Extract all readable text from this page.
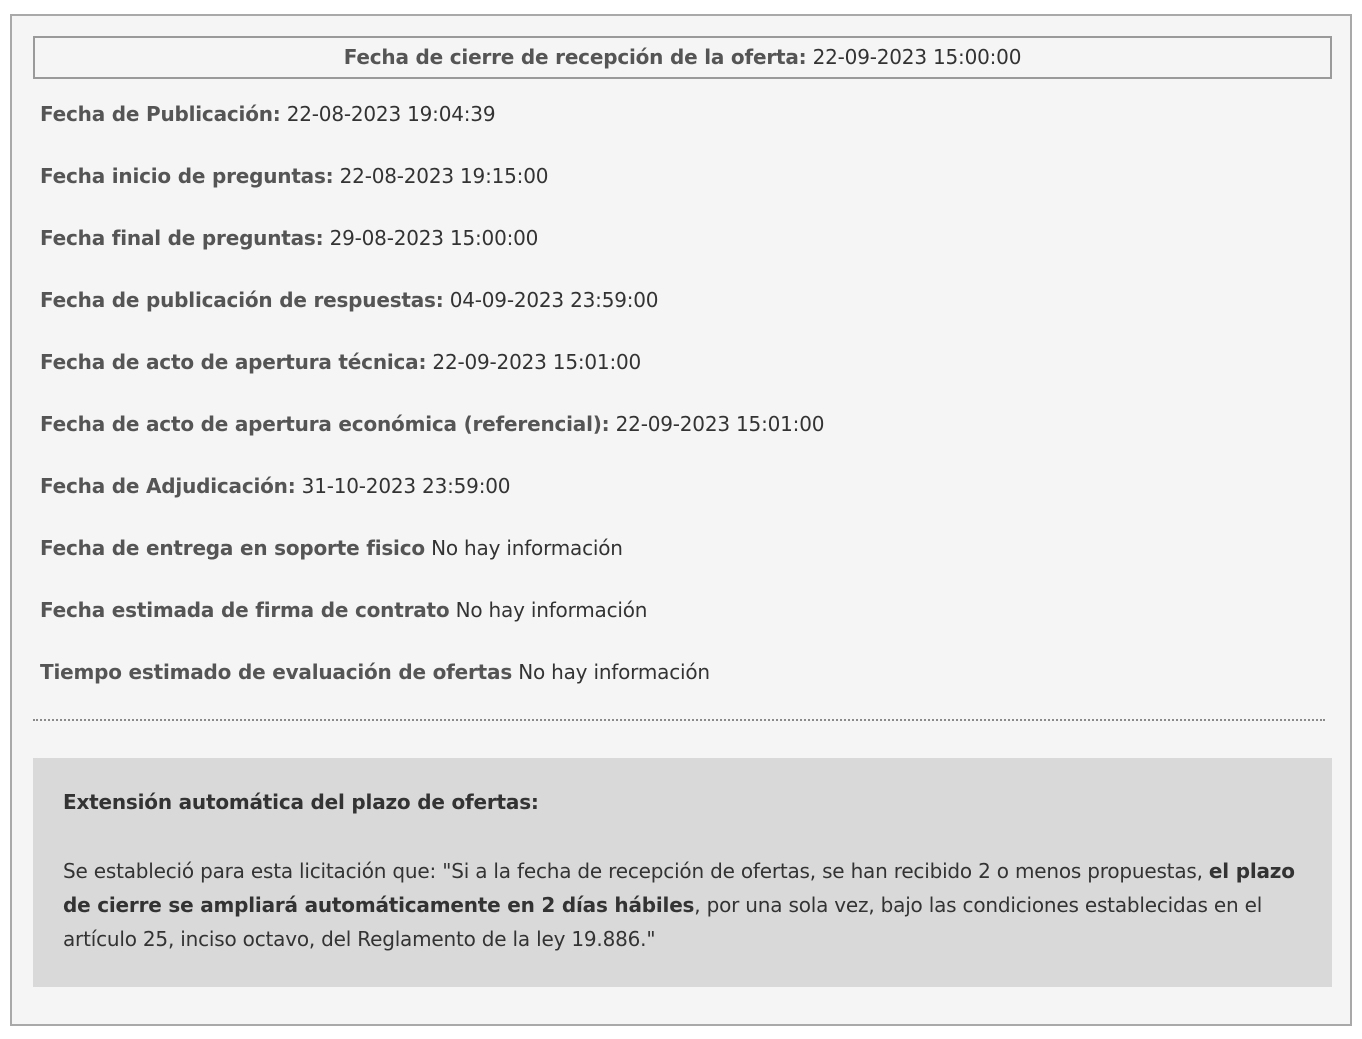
Fecha de cierre de recepción de la oferta: 22-09-2023 15:00:00
Fecha de Publicación: 22-08-2023 19:04:39
Fecha inicio de preguntas: 22-08-2023 19:15:00
Fecha final de preguntas: 29-08-2023 15:00:00
Fecha de publicación de respuestas: 04-09-2023 23:59:00
Fecha de acto de apertura técnica: 22-09-2023 15:01:00
Fecha de acto de apertura económica (referencial): 22-09-2023 15:01:00
Fecha de Adjudicación: 31-10-2023 23:59:00
Fecha de entrega en soporte fisico No hay información
Fecha estimada de firma de contrato No hay información
Tiempo estimado de evaluación de ofertas No hay información
Extensión automática del plazo de ofertas:

Se estableció para esta licitación que: "Si a la fecha de recepción de ofertas, se han recibido 2 o menos propuestas, el plazo de cierre se ampliará automáticamente en 2 días hábiles, por una sola vez, bajo las condiciones establecidas en el artículo 25, inciso octavo, del Reglamento de la ley 19.886."
